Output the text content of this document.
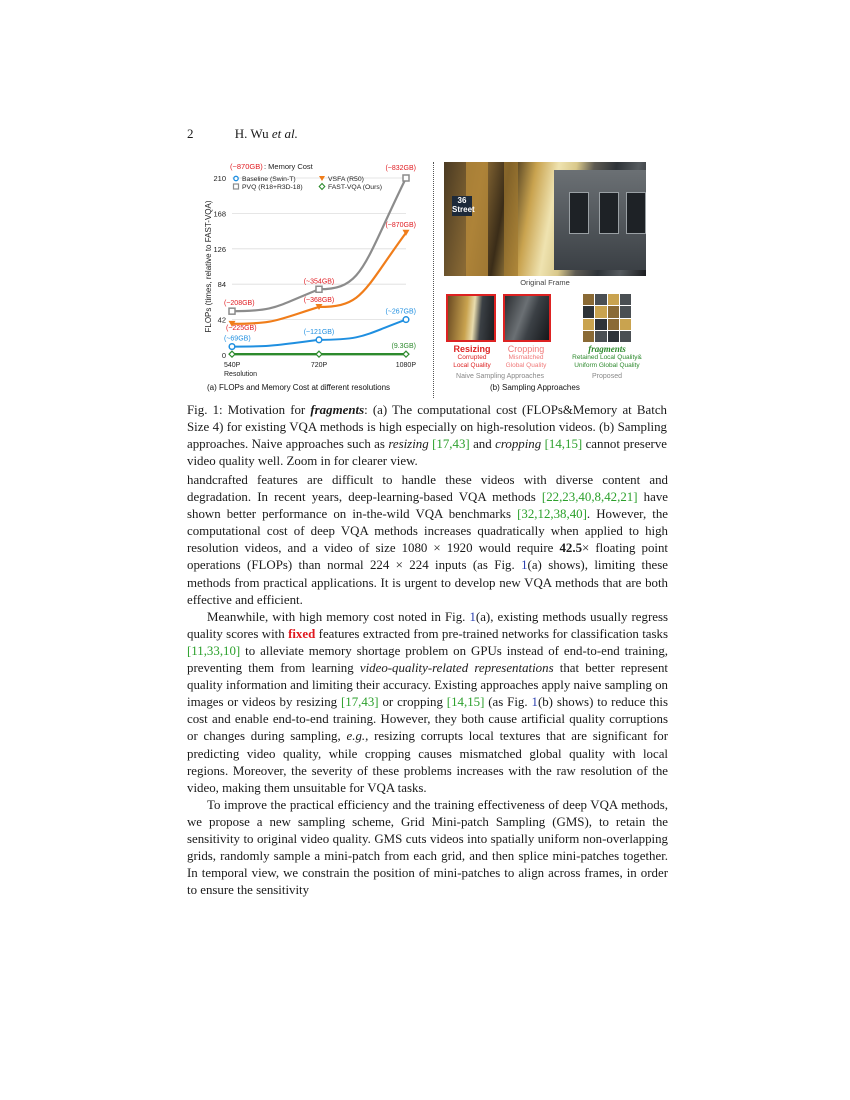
2	H. Wu et al.
0
42
84
126
168
210
FLOPs (times, relative to FAST-VQA)
540P	720P	1080P
Resolution
(~69GB)
(~121GB)
(~267GB)
(~225GB)
(~368GB)
(~870GB)
(~208GB)
(~354GB)
(~832GB)
(9.3GB)
(~870GB) : Memory Cost
Baseline (Swin-T)	VSFA (R50)
PVQ (R18+R3D-18)	FAST-VQA (Ours)
36 Street
Original Frame
Resizing
Corrupted
Local Quality
Cropping
Mismatched
Global Quality
fragments
Retained Local Quality&
Uniform Global Quality
Naive Sampling Approaches	Proposed
(a) FLOPs and Memory Cost at different resolutions	(b) Sampling Approaches
Fig. 1: Motivation for fragments: (a) The computational cost (FLOPs&Memory at Batch Size 4) for existing VQA methods is high especially on high-resolution videos. (b) Sampling approaches. Naive approaches such as resizing [17,43] and cropping [14,15] cannot preserve video quality well. Zoom in for clearer view.

handcrafted features are difficult to handle these videos with diverse content and degradation. In recent years, deep-learning-based VQA methods [22,23,40,8,42,21] have shown better performance on in-the-wild VQA benchmarks [32,12,38,40]. However, the computational cost of deep VQA methods increases quadratically when applied to high resolution videos, and a video of size 1080 × 1920 would require 42.5× floating point operations (FLOPs) than normal 224 × 224 inputs (as Fig. 1(a) shows), limiting these methods from practical applications. It is urgent to develop new VQA methods that are both effective and efficient.

Meanwhile, with high memory cost noted in Fig. 1(a), existing methods usually regress quality scores with fixed features extracted from pre-trained networks for classification tasks [11,33,10] to alleviate memory shortage problem on GPUs instead of end-to-end training, preventing them from learning video-quality-related representations that better represent quality information and limiting their accuracy. Existing approaches apply naive sampling on images or videos by resizing [17,43] or cropping [14,15] (as Fig. 1(b) shows) to reduce this cost and enable end-to-end training. However, they both cause artificial quality corruptions or changes during sampling, e.g., resizing corrupts local textures that are significant for predicting video quality, while cropping causes mismatched global quality with local regions. Moreover, the severity of these problems increases with the raw resolution of the video, making them unsuitable for VQA tasks.

To improve the practical efficiency and the training effectiveness of deep VQA methods, we propose a new sampling scheme, Grid Mini-patch Sampling (GMS), to retain the sensitivity to original video quality. GMS cuts videos into spatially uniform non-overlapping grids, randomly sample a mini-patch from each grid, and then splice mini-patches together. In temporal view, we constrain the position of mini-patches to align across frames, in order to ensure the sensitivity
